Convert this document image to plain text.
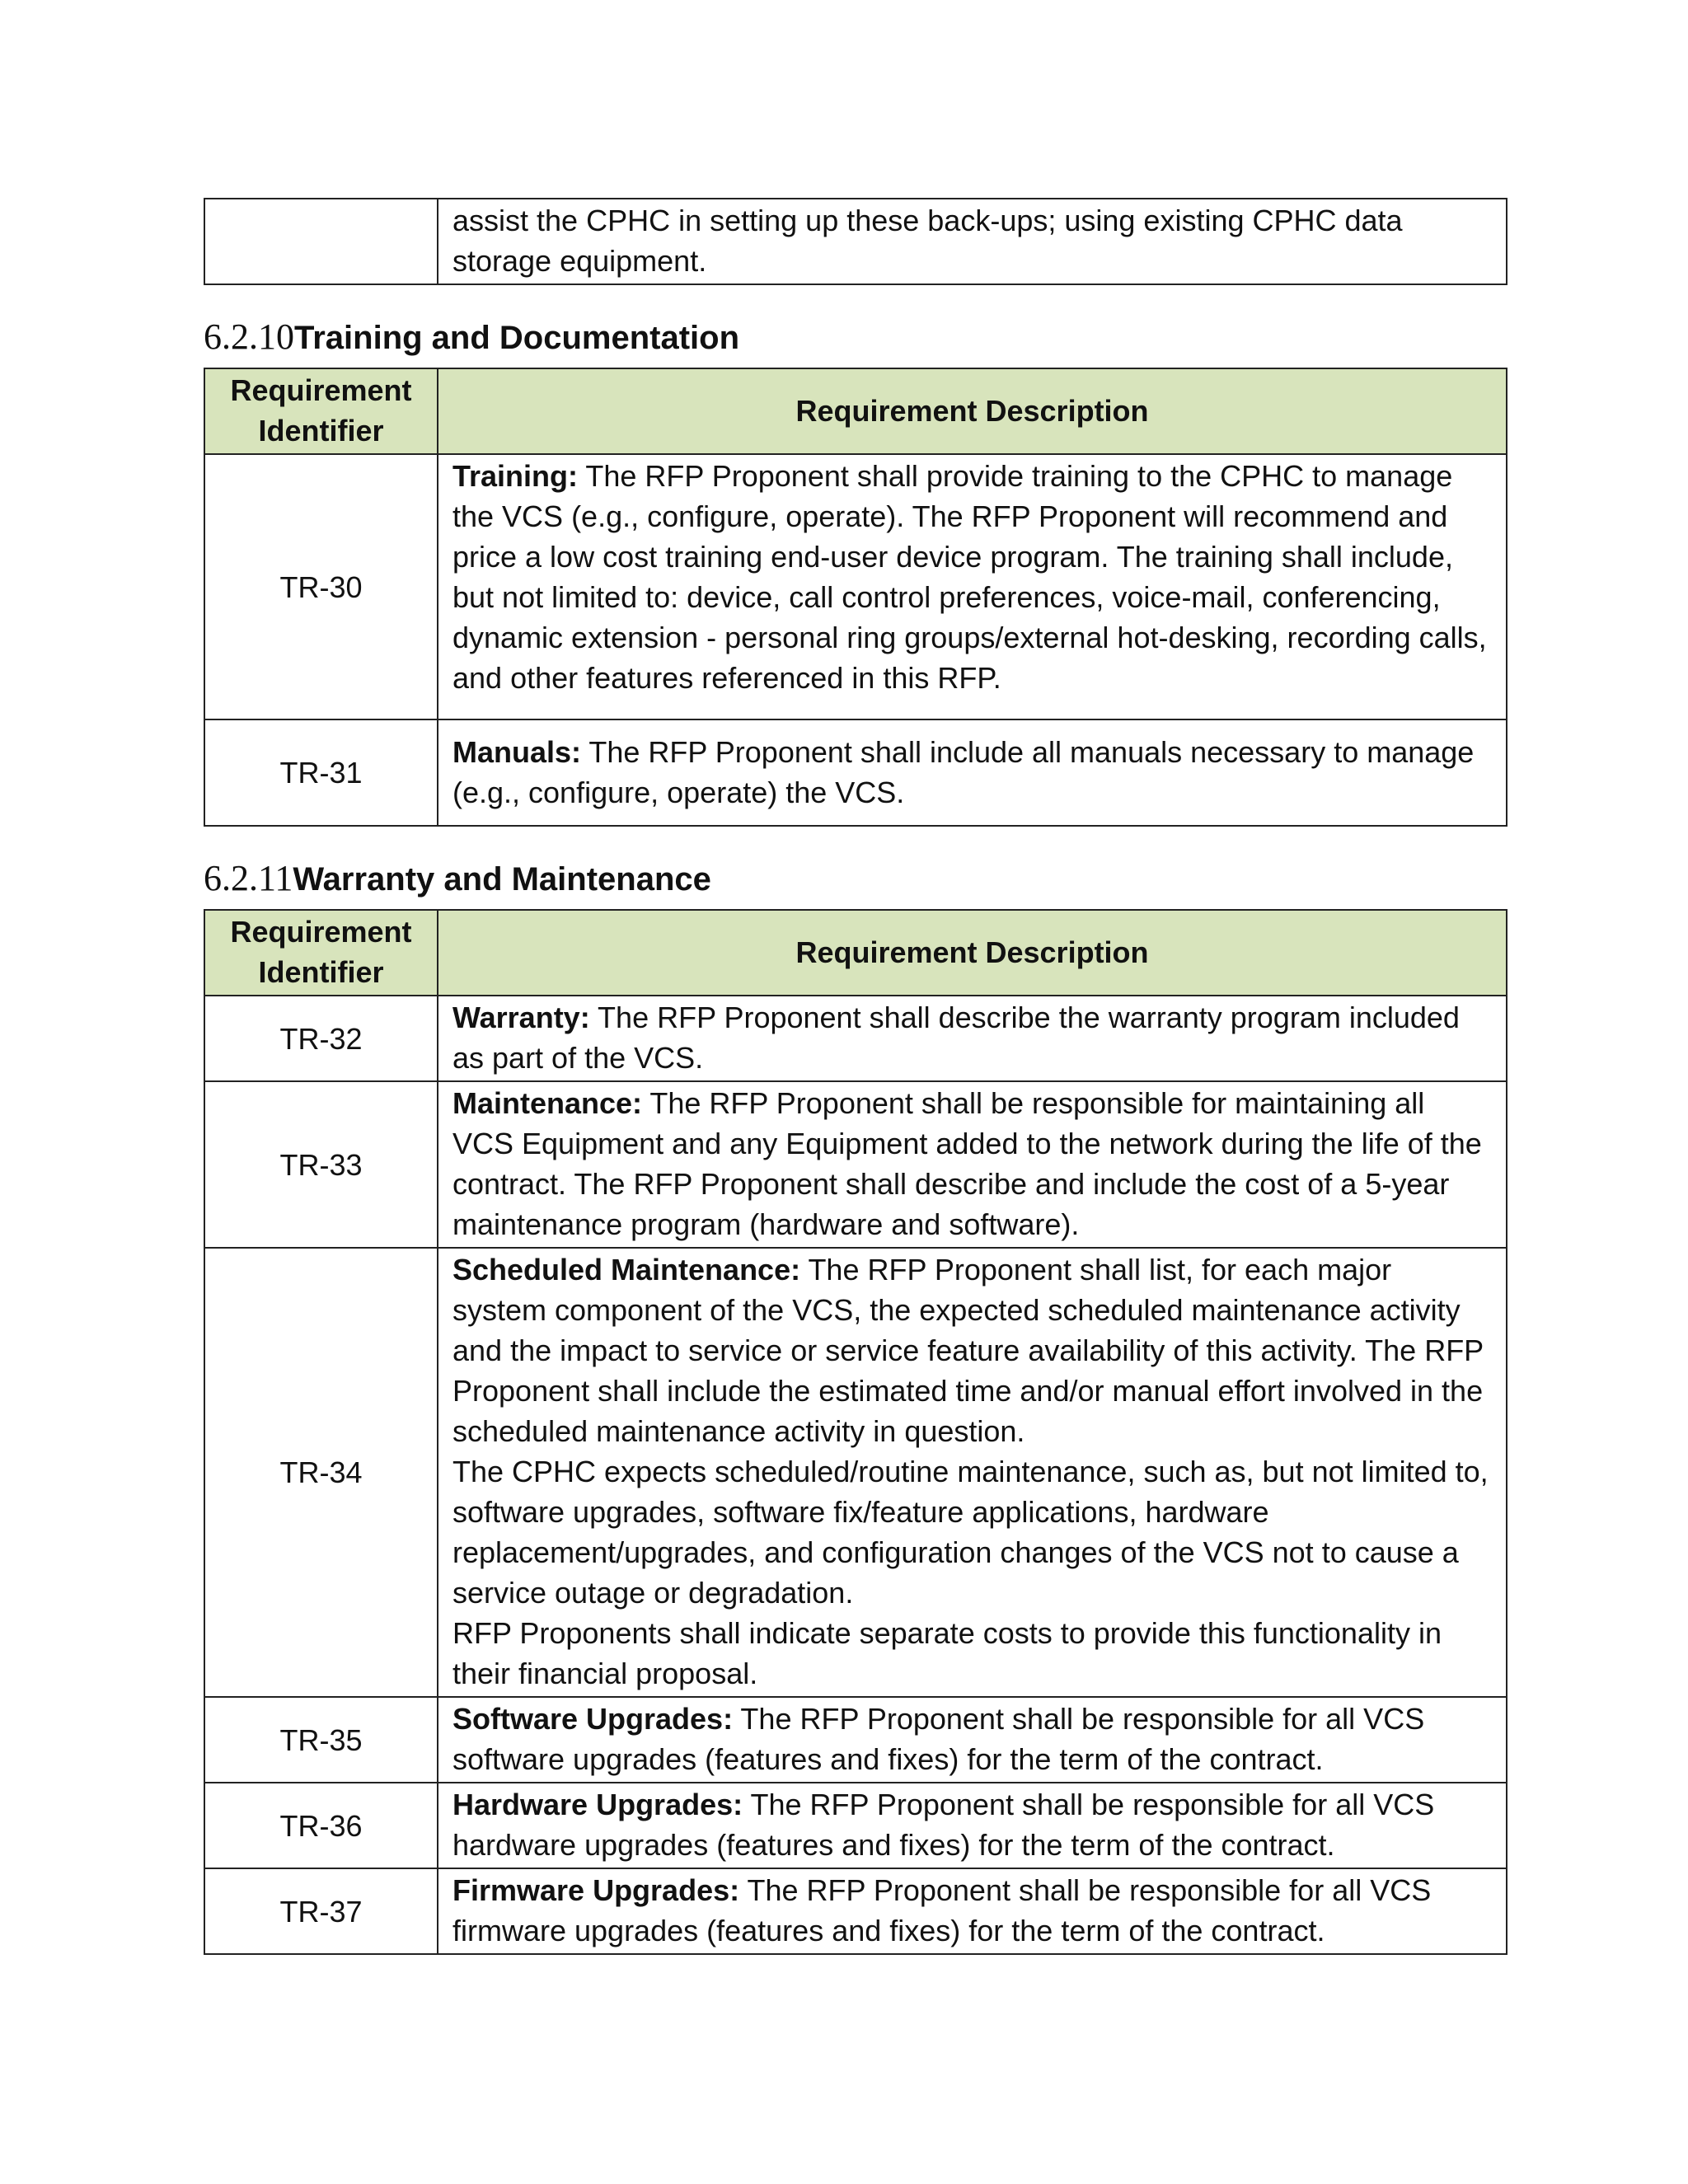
	assist the CPHC in setting up these back-ups; using existing CPHC data storage equipment.
6.2.10Training and Documentation
Requirement Identifier	Requirement Description
TR-30	Training: The RFP Proponent shall provide training to the CPHC to manage the VCS (e.g., configure, operate). The RFP Proponent will recommend and price a low cost training end-user device program. The training shall include, but not limited to: device, call control preferences, voice-mail, conferencing, dynamic extension - personal ring groups/external hot-desking, recording calls, and other features referenced in this RFP.
TR-31	Manuals: The RFP Proponent shall include all manuals necessary to manage (e.g., configure, operate) the VCS.
6.2.11Warranty and Maintenance
Requirement Identifier	Requirement Description
TR-32	Warranty: The RFP Proponent shall describe the warranty program included as part of the VCS.
TR-33	Maintenance: The RFP Proponent shall be responsible for maintaining all VCS Equipment and any Equipment added to the network during the life of the contract. The RFP Proponent shall describe and include the cost of a 5-year maintenance program (hardware and software).
TR-34	Scheduled Maintenance: The RFP Proponent shall list, for each major system component of the VCS, the expected scheduled maintenance activity and the impact to service or service feature availability of this activity. The RFP Proponent shall include the estimated time and/or manual effort involved in the scheduled maintenance activity in question.
The CPHC expects scheduled/routine maintenance, such as, but not limited to, software upgrades, software fix/feature applications, hardware replacement/upgrades, and configuration changes of the VCS not to cause a service outage or degradation.
RFP Proponents shall indicate separate costs to provide this functionality in their financial proposal.

TR-35	Software Upgrades: The RFP Proponent shall be responsible for all VCS software upgrades (features and fixes) for the term of the contract.
TR-36	Hardware Upgrades: The RFP Proponent shall be responsible for all VCS hardware upgrades (features and fixes) for the term of the contract.
TR-37	Firmware Upgrades: The RFP Proponent shall be responsible for all VCS firmware upgrades (features and fixes) for the term of the contract.
